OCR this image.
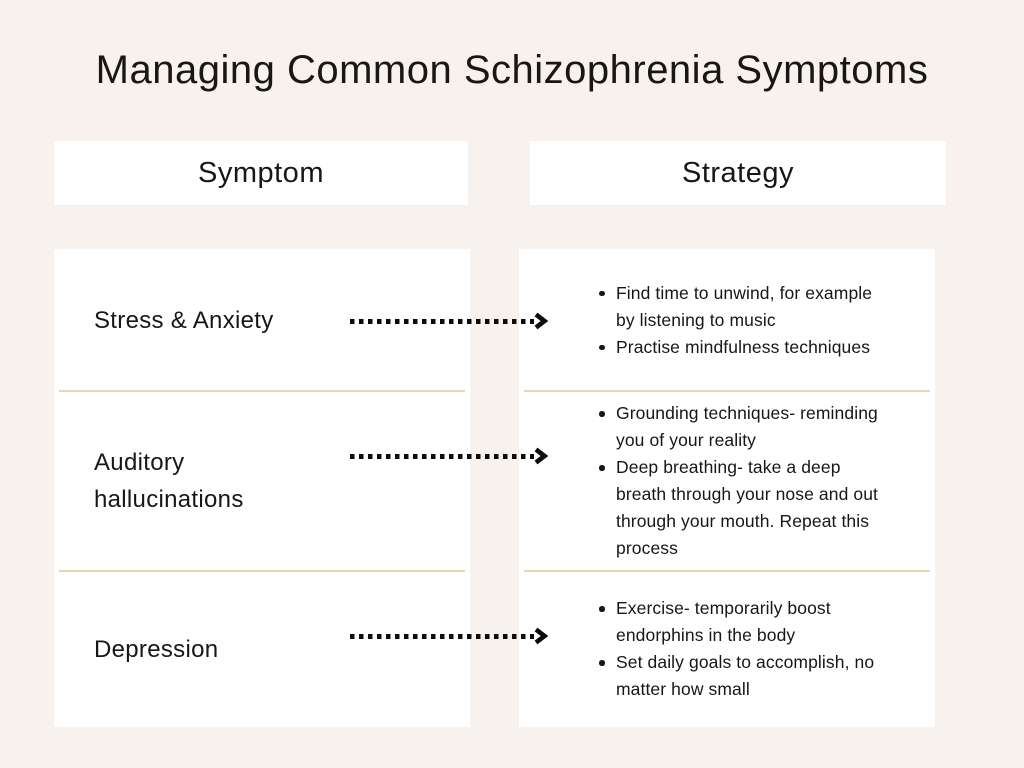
Managing Common Schizophrenia Symptoms
Symptom	Strategy
Stress & Anxiety
Auditory hallucinations
Depression
Find time to unwind, for example by listening to music
Practise mindfulness techniques
Grounding techniques- reminding you of your reality
Deep breathing- take a deep breath through your nose and out through your mouth. Repeat this process
Exercise- temporarily boost endorphins in the body
Set daily goals to accomplish, no matter how small
